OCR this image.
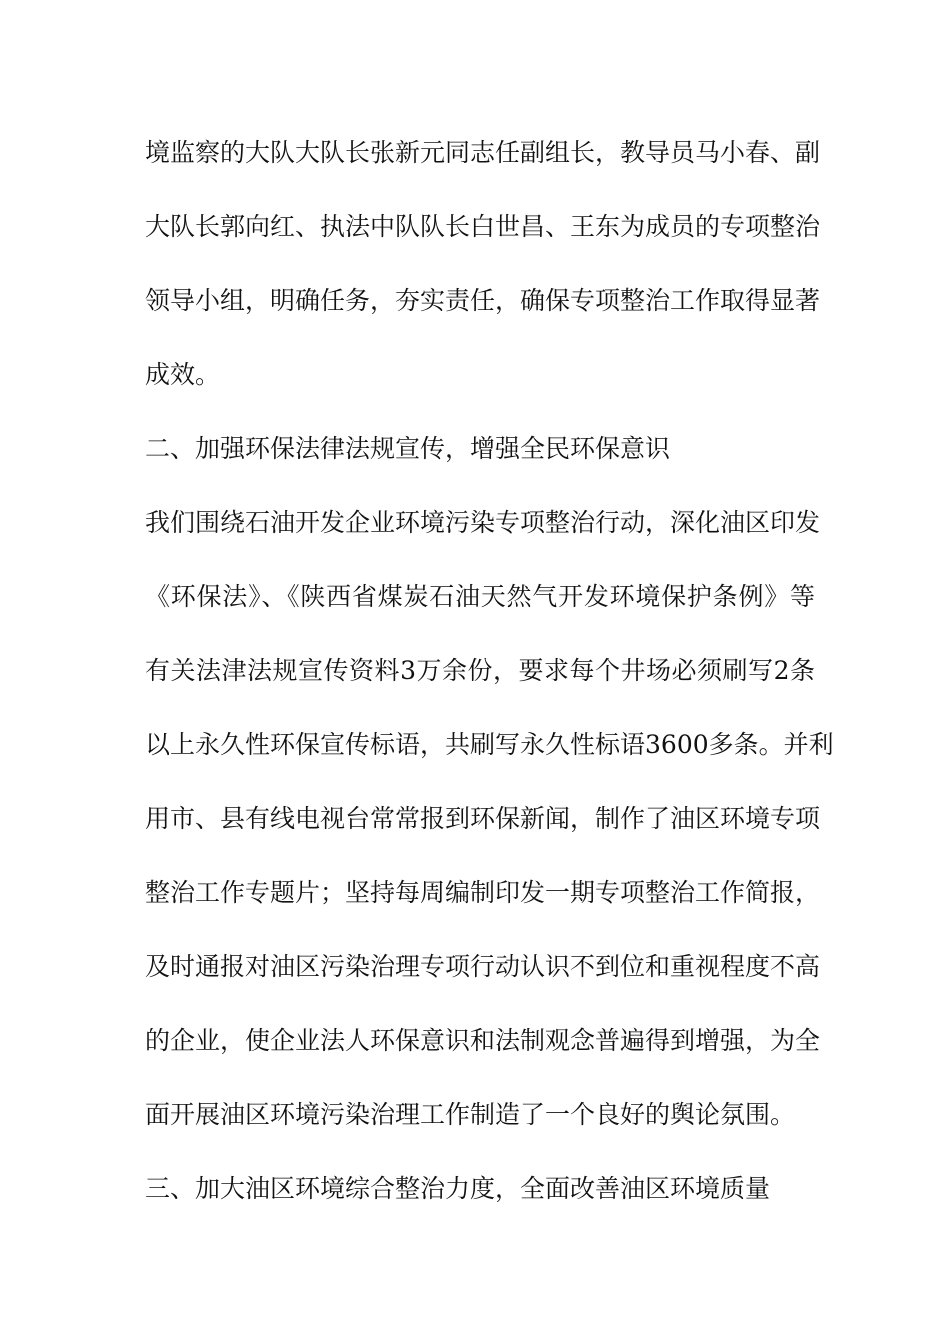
境监察的大队大队长张新元同志任副组长，教导员马小春、副
大队长郭向红、执法中队队长白世昌、王东为成员的专项整治
领导小组，明确任务，夯实责任，确保专项整治工作取得显著
成效。
二、加强环保法律法规宣传，增强全民环保意识
我们围绕石油开发企业环境污染专项整治行动，深化油区印发
《环保法》、《陕西省煤炭石油天然气开发环境保护条例》等
有关法津法规宣传资料3万余份，要求每个井场必须刷写2条
以上永久性环保宣传标语，共刷写永久性标语3600多条。并利
用市、县有线电视台常常报到环保新闻，制作了油区环境专项
整治工作专题片；坚持每周编制印发一期专项整治工作简报，
及时通报对油区污染治理专项行动认识不到位和重视程度不高
的企业，使企业法人环保意识和法制观念普遍得到增强，为全
面开展油区环境污染治理工作制造了一个良好的舆论氛围。
三、加大油区环境综合整治力度，全面改善油区环境质量
